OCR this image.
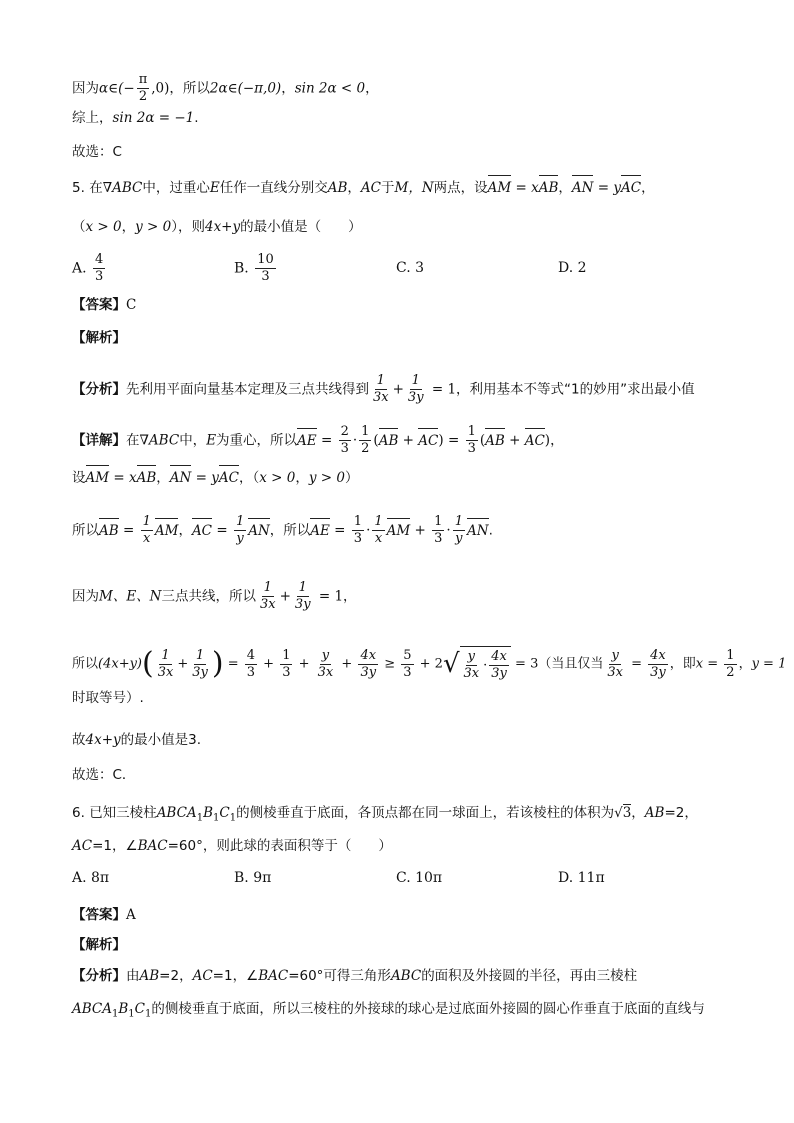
因为α∈(− $\frac{\pi}{2} ,0$)，所以2α∈(−π,0)，sin 2α < 0，
综上，sin 2α = −1.
故选：C
5. 在∇ABC中，过重心E任作一直线分别交AB，AC于M，N两点，设AM = xAB，AN = yAC，
（x > 0，y > 0），则4x+y的最小值是（　　）
A. $\frac{4}{3}$	B. $\frac{10}{3}$	C. 3	D. 2
【答案】C
【解析】
【分析】先利用平面向量基本定理及三点共线得到 $\frac{1}{3x} + \frac{1}{3y} = 1$，利用基本不等式“1的妙用”求出最小值
【详解】在∇ABC中，E为重心，所以AE = $\frac{2}{3} \cdot \frac{1}{2} (AB + AC) = \frac{1}{3} (AB + AC)$，
设AM = xAB，AN = yAC，（x > 0，y > 0）
所以AB = $\frac{1}{x}$ AM，AC = $\frac{1}{y}$ AN，所以AE = $\frac{1}{3} \cdot \frac{1}{x}$ AM + $\frac{1}{3} \cdot \frac{1}{y}$ AN.
因为M、E、N三点共线，所以 $\frac{1}{3x} + \frac{1}{3y} = 1$，
所以$(4x+y)( \frac{1}{3x} + \frac{1}{3y}$ ) = $\frac{4}{3} + \frac{1}{3} + \frac{y}{3x} + \frac{4x}{3y} \ge \frac{5}{3} + 2$ √ $\frac{y}{3x} \cdot \frac{4x}{3y} = 3$（当且仅当 $\frac{y}{3x} = \frac{4x}{3y}$ ，即$x = \frac{1}{2}$ ，y = 1
时取等号）.
故4x+y的最小值是3.
故选：C．
6. 已知三棱柱$ABCA_1B_1C_1$的侧棱垂直于底面，各顶点都在同一球面上，若该棱柱的体积为√3，AB=2，
AC=1，∠BAC=60°，则此球的表面积等于（　　）
A. 8π	B. 9π	C. 10π	D. 11π
【答案】A
【解析】
【分析】由AB=2，AC=1，∠BAC=60°可得三角形ABC的面积及外接圆的半径，再由三棱柱
$ABCA_1B_1C_1$的侧棱垂直于底面，所以三棱柱的外接球的球心是过底面外接圆的圆心作垂直于底面的直线与
